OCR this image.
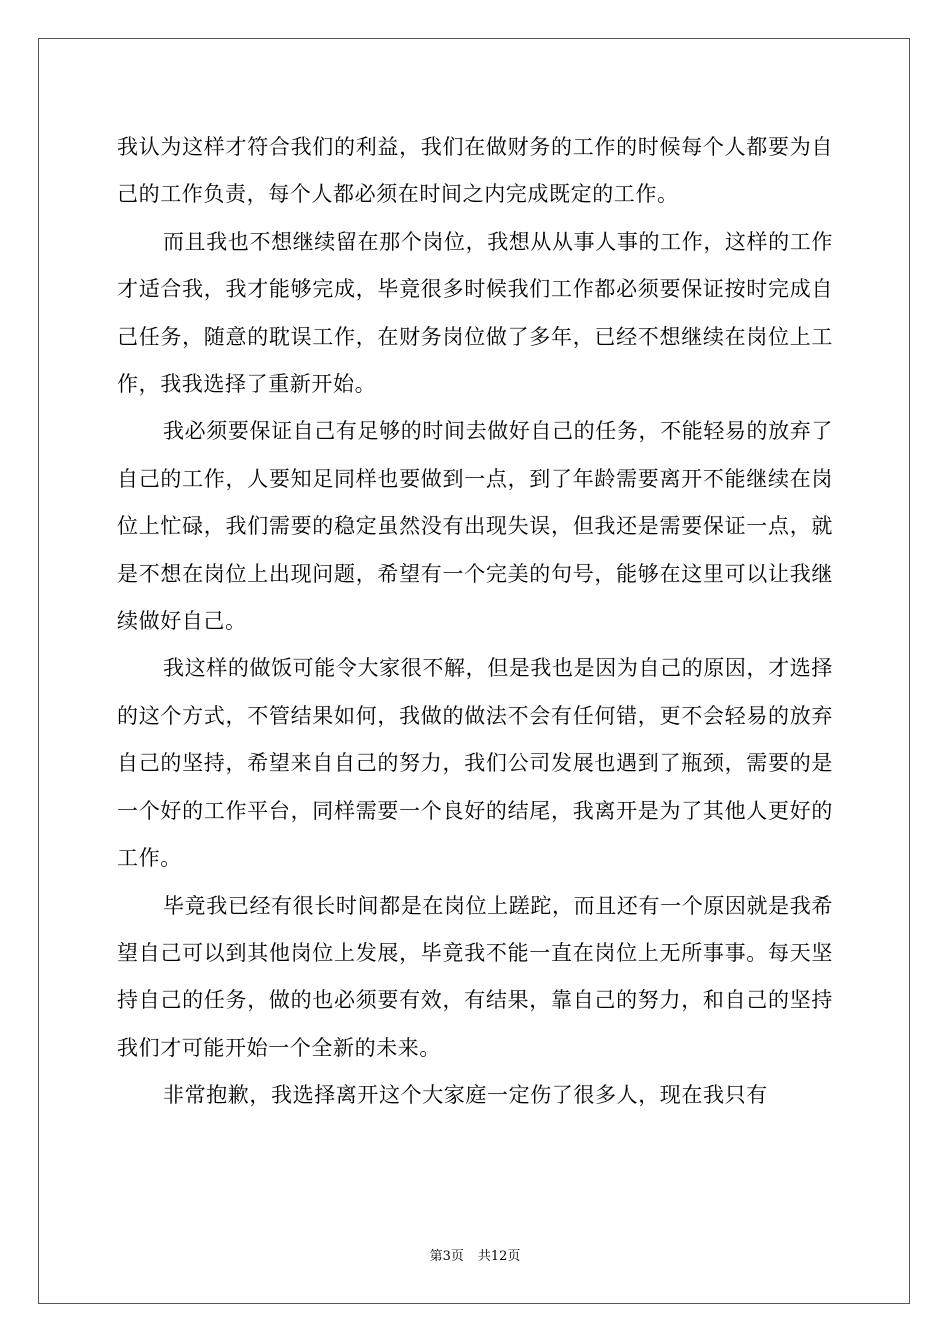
我认为这样才符合我们的利益，我们在做财务的工作的时候每个人都要为自己的工作负责，每个人都必须在时间之内完成既定的工作。

而且我也不想继续留在那个岗位，我想从从事人事的工作，这样的工作才适合我，我才能够完成，毕竟很多时候我们工作都必须要保证按时完成自己任务，随意的耽误工作，在财务岗位做了多年，已经不想继续在岗位上工作，我我选择了重新开始。

我必须要保证自己有足够的时间去做好自己的任务，不能轻易的放弃了自己的工作，人要知足同样也要做到一点，到了年龄需要离开不能继续在岗位上忙碌，我们需要的稳定虽然没有出现失误，但我还是需要保证一点，就是不想在岗位上出现问题，希望有一个完美的句号，能够在这里可以让我继续做好自己。

我这样的做饭可能令大家很不解，但是我也是因为自己的原因，才选择的这个方式，不管结果如何，我做的做法不会有任何错，更不会轻易的放弃自己的坚持，希望来自自己的努力，我们公司发展也遇到了瓶颈，需要的是一个好的工作平台，同样需要一个良好的结尾，我离开是为了其他人更好的工作。

毕竟我已经有很长时间都是在岗位上蹉跎，而且还有一个原因就是我希望自己可以到其他岗位上发展，毕竟我不能一直在岗位上无所事事。每天坚持自己的任务，做的也必须要有效，有结果，靠自己的努力，和自己的坚持我们才可能开始一个全新的未来。

非常抱歉，我选择离开这个大家庭一定伤了很多人，现在我只有

第3页 共12页
